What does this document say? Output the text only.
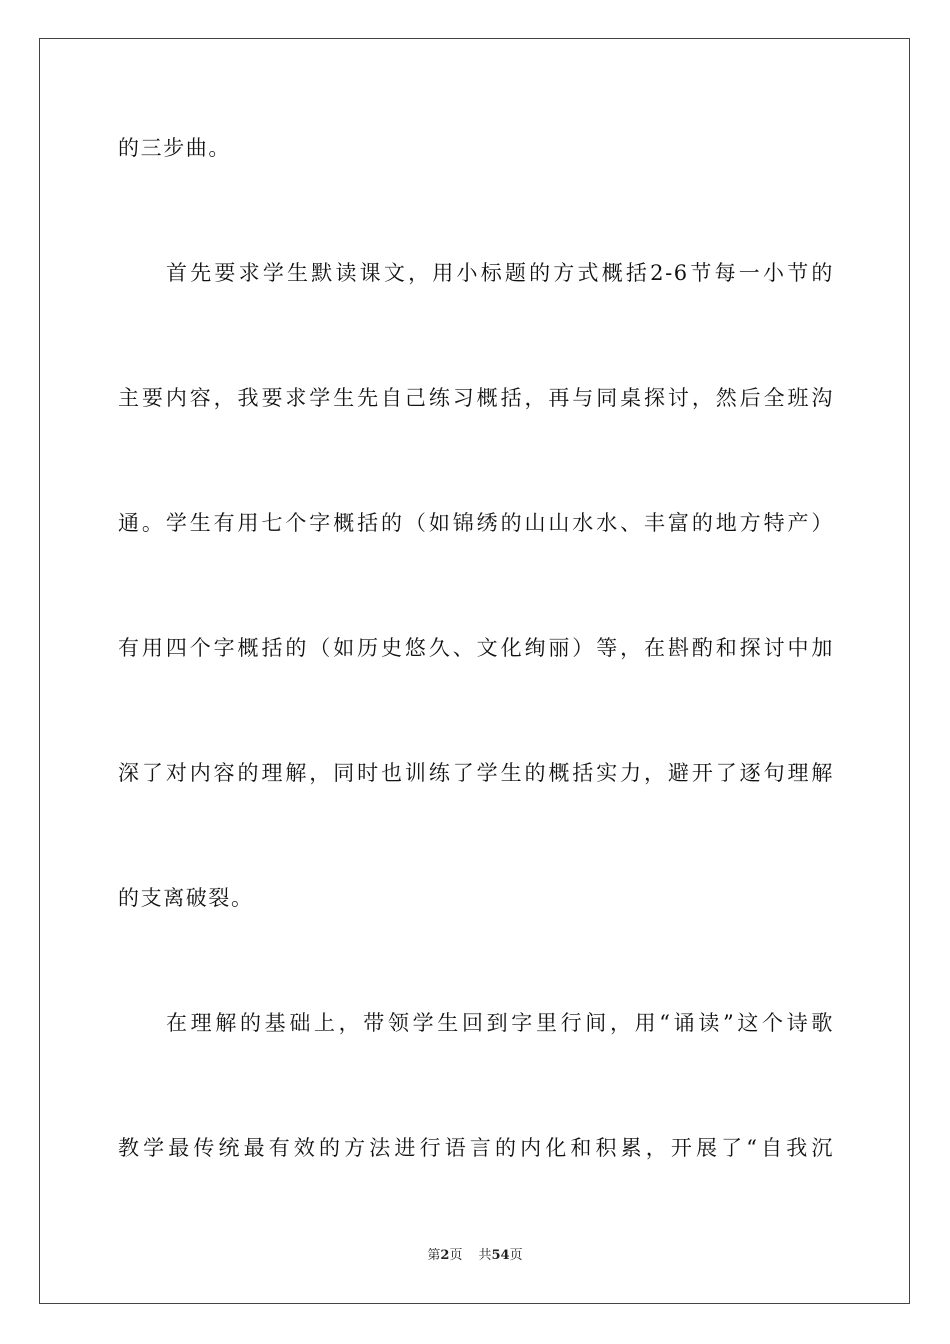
的三步曲。
首先要求学生默读课文，用小标题的方式概括2-6节每一小节的
主要内容，我要求学生先自己练习概括，再与同桌探讨，然后全班沟
通。学生有用七个字概括的（如锦绣的山山水水、丰富的地方特产）
有用四个字概括的（如历史悠久、文化绚丽）等，在斟酌和探讨中加
深了对内容的理解，同时也训练了学生的概括实力，避开了逐句理解
的支离破裂。
在理解的基础上，带领学生回到字里行间，用“诵读”这个诗歌
教学最传统最有效的方法进行语言的内化和积累，开展了“自我沉
第2页 共54页
